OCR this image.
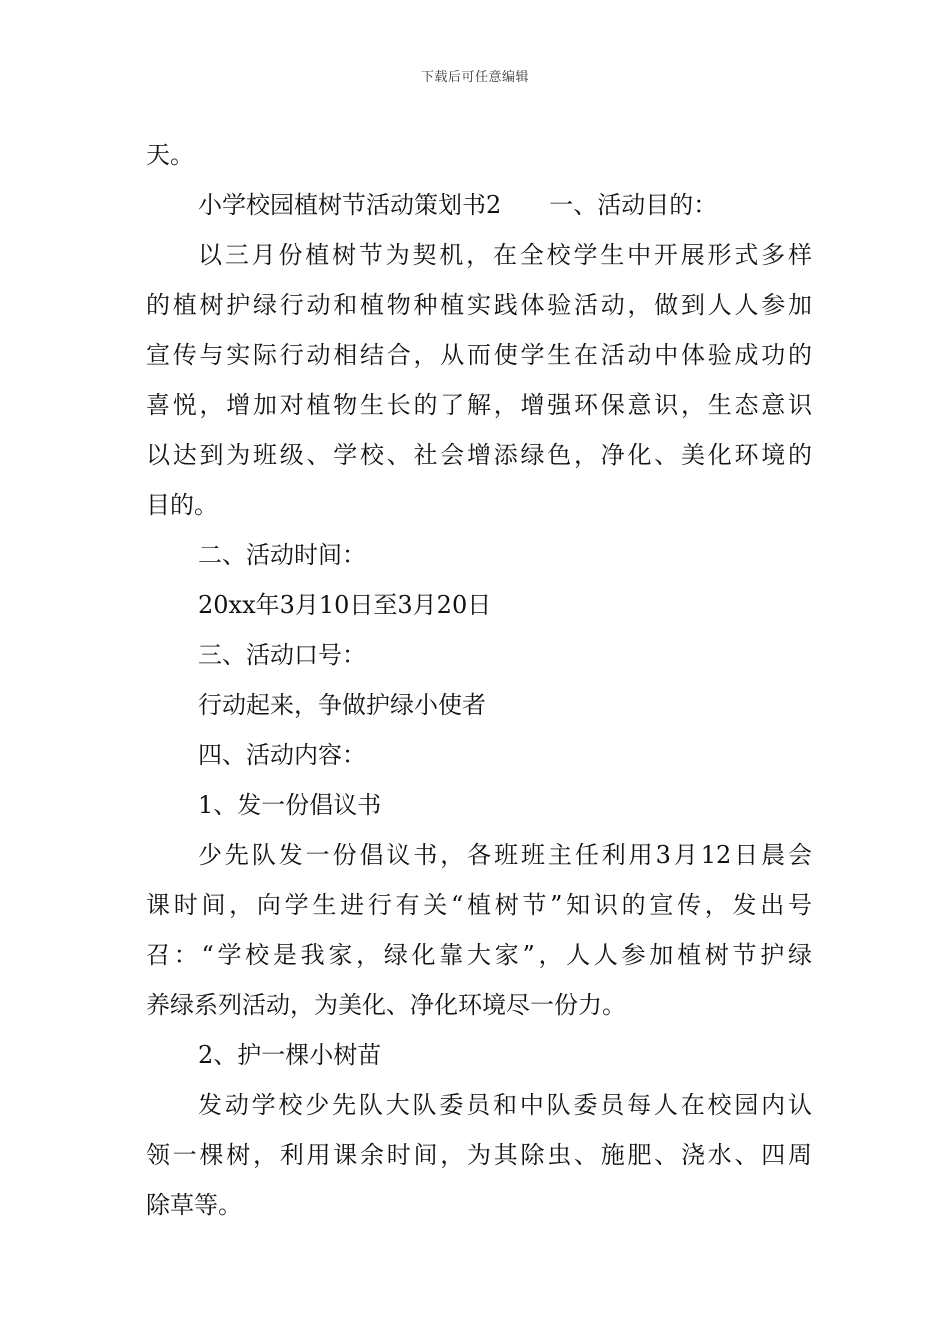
下载后可任意编辑
天。
小学校园植树节活动策划书2 一、活动目的：
以三月份植树节为契机，在全校学生中开展形式多样
的植树护绿行动和植物种植实践体验活动，做到人人参加
宣传与实际行动相结合，从而使学生在活动中体验成功的
喜悦，增加对植物生长的了解，增强环保意识，生态意识
以达到为班级、学校、社会增添绿色，净化、美化环境的
目的。
二、活动时间：
20xx年3月10日至3月20日
三、活动口号：
行动起来，争做护绿小使者
四、活动内容：
1、发一份倡议书
少先队发一份倡议书，各班班主任利用3月12日晨会
课时间，向学生进行有关“植树节”知识的宣传，发出号
召：“学校是我家，绿化靠大家”，人人参加植树节护绿
养绿系列活动，为美化、净化环境尽一份力。
2、护一棵小树苗
发动学校少先队大队委员和中队委员每人在校园内认
领一棵树，利用课余时间，为其除虫、施肥、浇水、四周
除草等。
